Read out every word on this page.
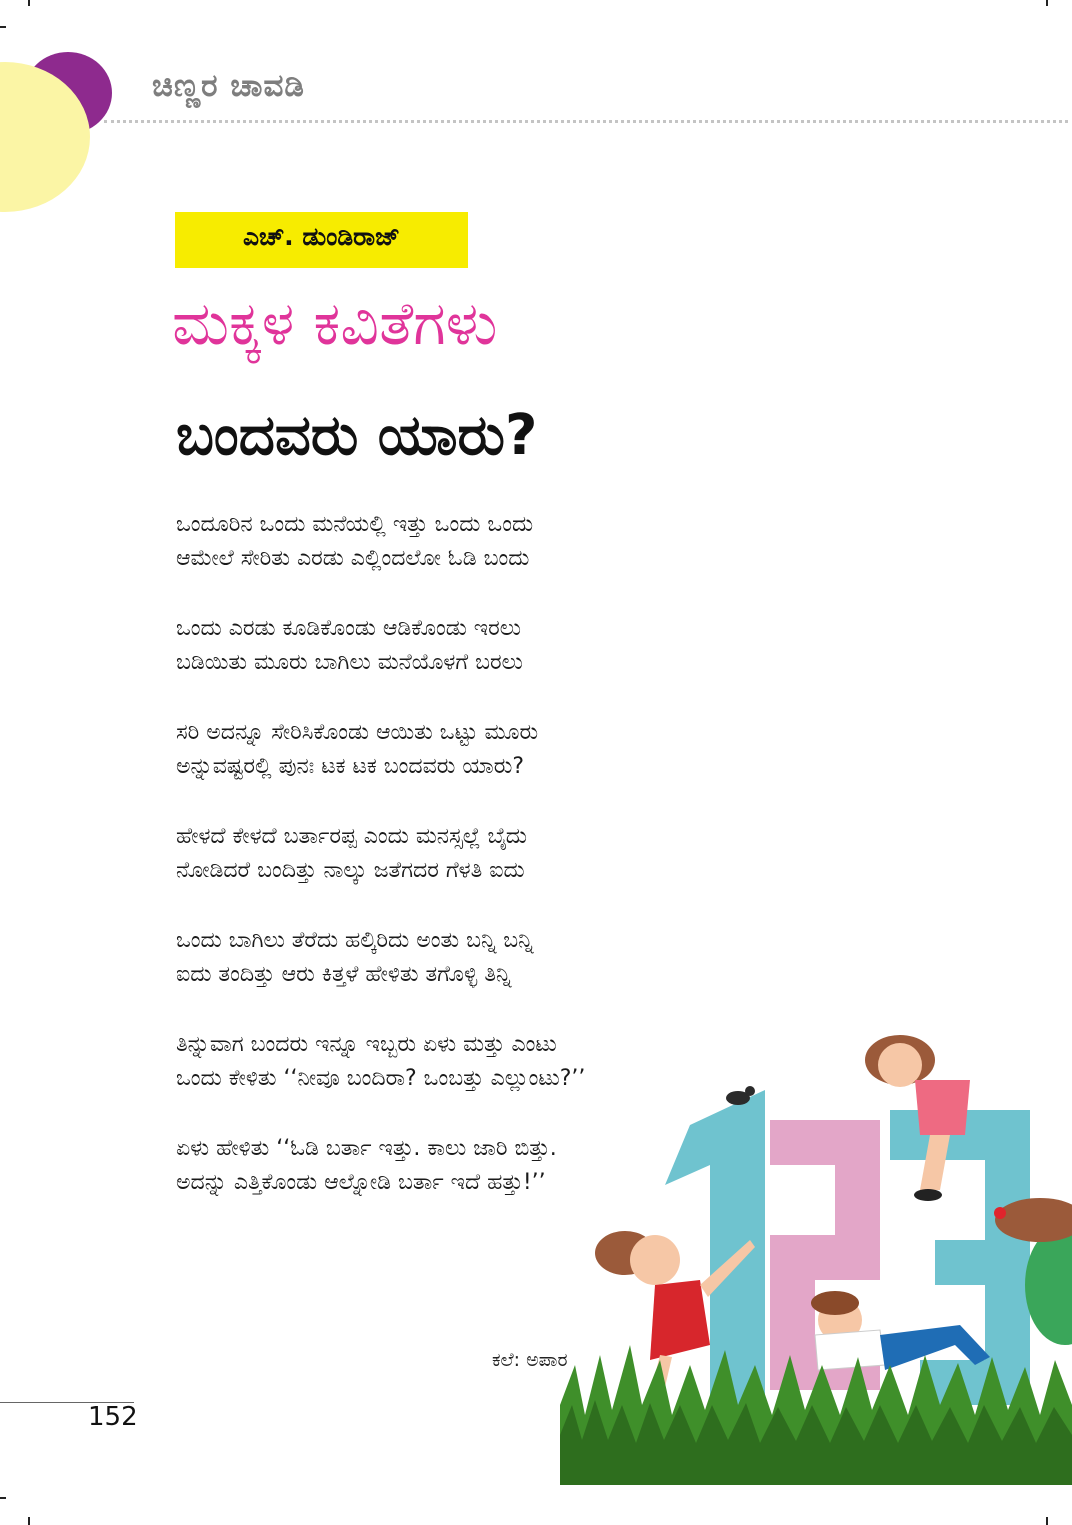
ಚಿಣ್ಣರ ಚಾವಡಿ
ಎಚ್. ಡುಂಡಿರಾಜ್
ಮಕ್ಕಳ ಕವಿತೆಗಳು
ಬಂದವರು ಯಾರು?
ಒಂದೂರಿನ ಒಂದು ಮನೆಯಲ್ಲಿ ಇತ್ತು ಒಂದು ಒಂದು
ಆಮೇಲೆ ಸೇರಿತು ಎರಡು ಎಲ್ಲಿಂದಲೋ ಓಡಿ ಬಂದು
ಒಂದು ಎರಡು ಕೂಡಿಕೊಂಡು ಆಡಿಕೊಂಡು ಇರಲು
ಬಡಿಯಿತು ಮೂರು ಬಾಗಿಲು ಮನೆಯೊಳಗೆ ಬರಲು
ಸರಿ ಅದನ್ನೂ ಸೇರಿಸಿಕೊಂಡು ಆಯಿತು ಒಟ್ಟು ಮೂರು
ಅನ್ನುವಷ್ಟರಲ್ಲಿ ಪುನಃ ಟಕ ಟಕ ಬಂದವರು ಯಾರು?
ಹೇಳದೆ ಕೇಳದೆ ಬರ್ತಾರಪ್ಪ ಎಂದು ಮನಸ್ಸಲ್ಲೆ ಬೈದು
ನೋಡಿದರೆ ಬಂದಿತ್ತು ನಾಲ್ಕು ಜತೆಗದರ ಗೆಳತಿ ಐದು
ಒಂದು ಬಾಗಿಲು ತೆರೆದು ಹಲ್ಕಿರಿದು ಅಂತು ಬನ್ನಿ ಬನ್ನಿ
ಐದು ತಂದಿತ್ತು ಆರು ಕಿತ್ತಳೆ ಹೇಳಿತು ತಗೊಳ್ಳಿ ತಿನ್ನಿ
ತಿನ್ನುವಾಗ ಬಂದರು ಇನ್ನೂ ಇಬ್ಬರು ಏಳು ಮತ್ತು ಎಂಟು
ಒಂದು ಕೇಳಿತು ‘‘ನೀವೂ ಬಂದಿರಾ? ಒಂಬತ್ತು ಎಲ್ಲುಂಟು?’’
ಏಳು ಹೇಳಿತು ‘‘ಓಡಿ ಬರ್ತಾ ಇತ್ತು. ಕಾಲು ಜಾರಿ ಬಿತ್ತು.
ಅದನ್ನು ಎತ್ತಿಕೊಂಡು ಆಲ್ನೋಡಿ ಬರ್ತಾ ಇದೆ ಹತ್ತು!’’
ಕಲೆ: ಅಪಾರ
152
